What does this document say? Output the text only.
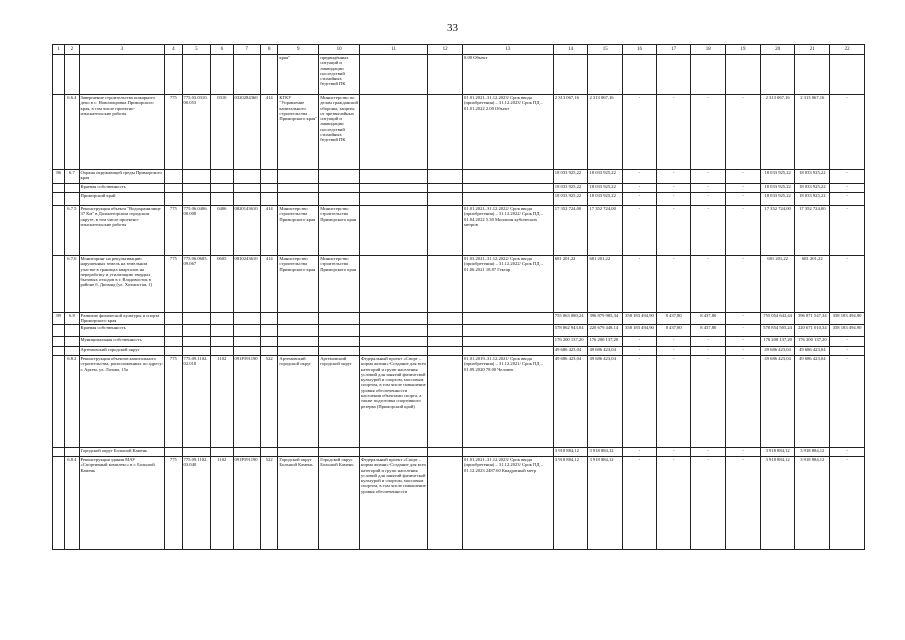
33
1	2	3	4	5	6	7	8	9	10	11	12	13	14	15	16	17	18	19	20	21	22
								края"	предвидённых ситуаций и ликвидации последствий стихийных бедствий ПК			0.00 Объект									
	6.6.4	Завершение строительства пожарного депо в с. Новопокровка Приморского края, в том числе проектно-изыскательские работы	775	775.03.0310.00.053	0310	0320284360	414	КГКУ "Управление капитального строительства Приморского края"	Министерство по делам гражданской обороны, защиты от чрезвычайных ситуаций и ликвидации последствий стихийных бедствий ПК			01.01.2021–31.12.2023/ Срок ввода (приобретения) – 31.12.2023/ Срок ПД – 01.01.2022 2.00 Объект	2 313 067,16	2 313 067,16	-	-	-	-	2 313 067,16	2 313 067,16	-
86	6.7	Охрана окружающей среды Приморского края											18 033 925,22	18 033 925,22	-	-	-	-	18 033 925,22	18 033 925,22	-
		Краевая собственность											18 033 925,22	18 033 925,22	-	-	-	-	18 033 925,22	18 033 925,22	-
		Приморский край											18 033 925,22	18 033 925,22	-	-	-	-	18 033 925,22	18 033 925,22	-
	6.7.5	Реконструкция объекта "Водохранилище 37 Км" в Дальнегорском городском округе, в том числе проектно-изыскательские работы	775	775.06.0406.00.008	0406	0820143610	414	Министерство строительства Приморского края	Министерство строительства Приморского края			01.01.2021–31.12.2022/ Срок ввода (приобретения) – 31.12.2022/ Срок ПД – 01.04.2022 5.30 Миллион кубических метров	17 352 724,00	17 352 724,00	-	-	-	-	17 352 724,00	17 352 724,00	-
	6.7.6	Мониторинг на рекультивацию нарушенных земель на земельном участке в границах кварталов на переработку и утилизацию твердых бытовых отходов в г. Владивосток в районе б. Диомид (ул. Холмистая, 1)	775	775.06.0605.09.067	0605	0810243610	414	Министерство строительства Приморского края	Министерство строительства Приморского края			01.03.2021–31.12.2022/ Срок ввода (приобретения) – 31.12.2022/ Срок ПД – 01.06.2021 18.87 Гектар	681 201,22	681 201,22	-	-	-	-	681 201,22	681 201,22	-
89	6.8	Развитие физической культуры и спорта Приморского края											755 063 080,24	396 879 985,34	358 183 494,90	8 437,80	8 437,80	-	755 054 642,44	396 871 547,34	358 183 494,90
		Краевая собственность											578 862 943,04	220 679 448,14	358 183 494,90	8 437,80	8 437,80	-	578 854 505,24	220 671 010,34	358 183 494,90
		Муниципальная собственность											176 200 137,20	176 200 137,20	-	-	-	-	176 200 137,20	176 200 137,20	-
		Артемовский городской округ											49 686 423,04	49 686 423,04	-	-	-	-	49 686 423,04	49 686 423,04	-
	6.8.2	Реконструкция объектов капитального строительства, расположенных по адресу: г. Артем, ул. Лазова, 15а	775	775.09.1102.02.018	1102	091P591190	522	Артемовский городской округ	Артемовский городской округ	Федеральный проект «Спорт – норма жизни»-Создание для всех категорий и групп населения условий для занятий физической культурой и спортом, массовым спортом, в том числе повышение уровня обеспеченности населения объектами спорта, а также подготовка спортивного резерва (Приморский край)		01.01.2019–31.12.2021/ Срок ввода (приобретения) – 31.12.2021/ Срок ПД – 01.09.2020 78.00 Человек	49 686 423,04	49 686 423,04	-	-	-	-	49 686 423,04	49 686 423,04	-
		Городской округ Большой Камень											3 918 884,12	3 918 884,12	-	-	-	-	3 918 884,12	3 918 884,12	-
	6.8.4	Реконструкция здания МАУ «Спортивный комплекс» в г. Большой Камень	775	775.09.1102.03.040	1102	091P591190	522	Городской округ Большой Камень	Городской округ Большой Камень	Федеральный проект «Спорт – норма жизни»-Создание для всех категорий и групп населения условий для занятий физической культурой и спортом, массовым спортом, в том числе повышение уровня обеспеченности		01.01.2021–31.12.2023/ Срок ввода (приобретения) – 31.12.2023/ Срок ПД – 01.12.2023 2487.60 Квадратный метр	3 918 884,12	3 918 884,12	-	-	-	-	3 918 884,12	3 918 884,12	-
